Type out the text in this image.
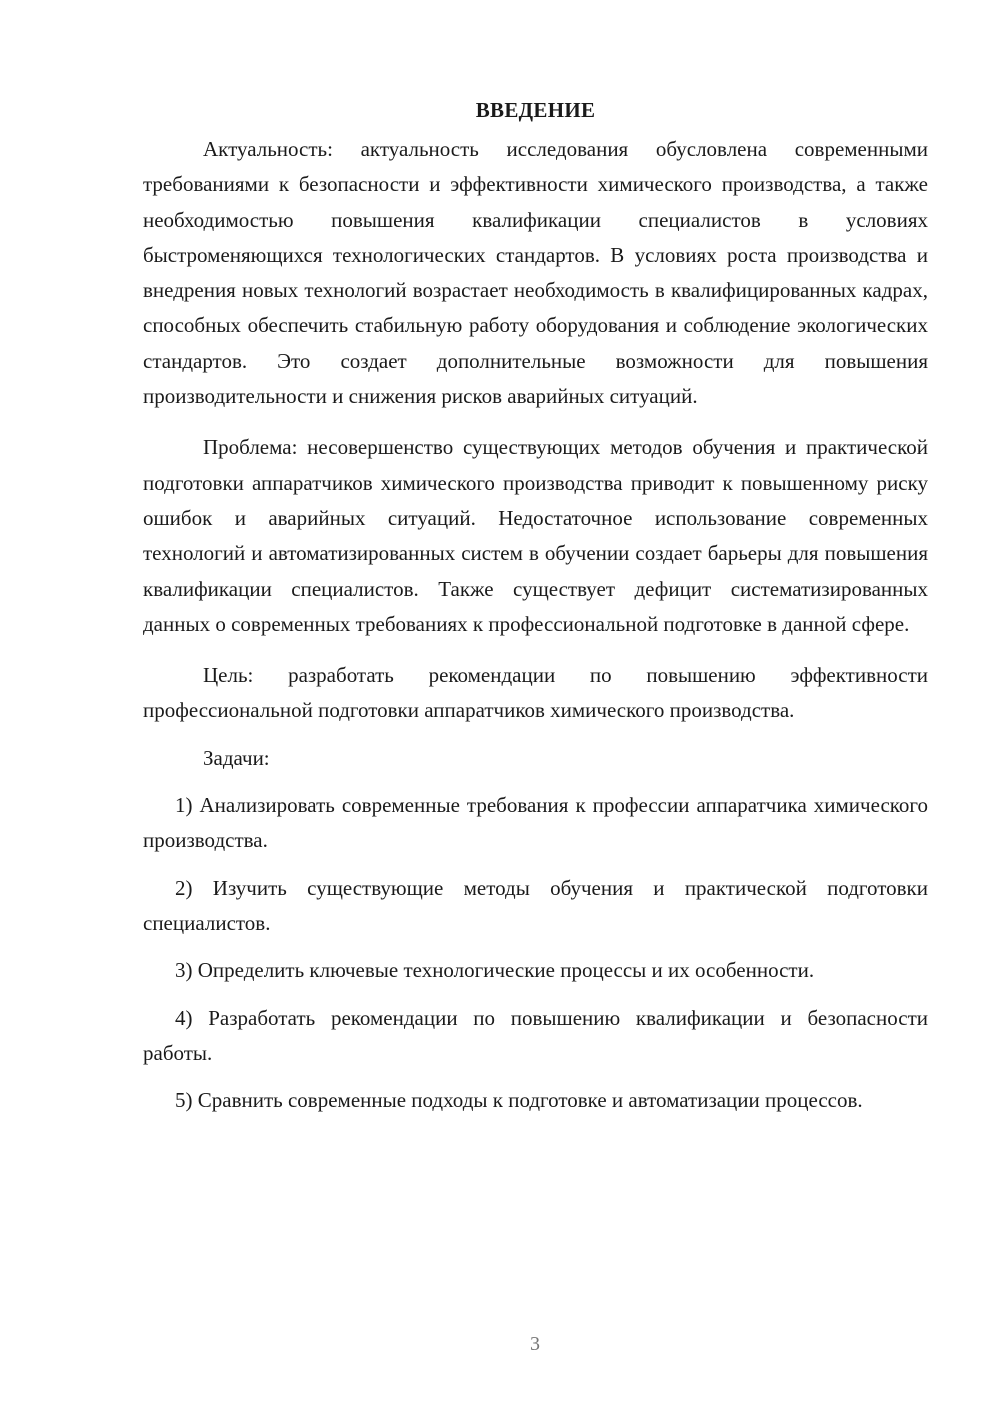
ВВЕДЕНИЕ

Актуальность: актуальность исследования обусловлена современными требованиями к безопасности и эффективности химического производства, а также необходимостью повышения квалификации специалистов в условиях быстроменяющихся технологических стандартов. В условиях роста производства и внедрения новых технологий возрастает необходимость в квалифицированных кадрах, способных обеспечить стабильную работу оборудования и соблюдение экологических стандартов. Это создает дополнительные возможности для повышения производительности и снижения рисков аварийных ситуаций.

Проблема: несовершенство существующих методов обучения и практической подготовки аппаратчиков химического производства приводит к повышенному риску ошибок и аварийных ситуаций. Недостаточное использование современных технологий и автоматизированных систем в обучении создает барьеры для повышения квалификации специалистов. Также существует дефицит систематизированных данных о современных требованиях к профессиональной подготовке в данной сфере.

Цель: разработать рекомендации по повышению эффективности профессиональной подготовки аппаратчиков химического производства.

Задачи:

1) Анализировать современные требования к профессии аппаратчика химического производства.

2) Изучить существующие методы обучения и практической подготовки специалистов.

3) Определить ключевые технологические процессы и их особенности.

4) Разработать рекомендации по повышению квалификации и безопасности работы.

5) Сравнить современные подходы к подготовке и автоматизации процессов.

3
